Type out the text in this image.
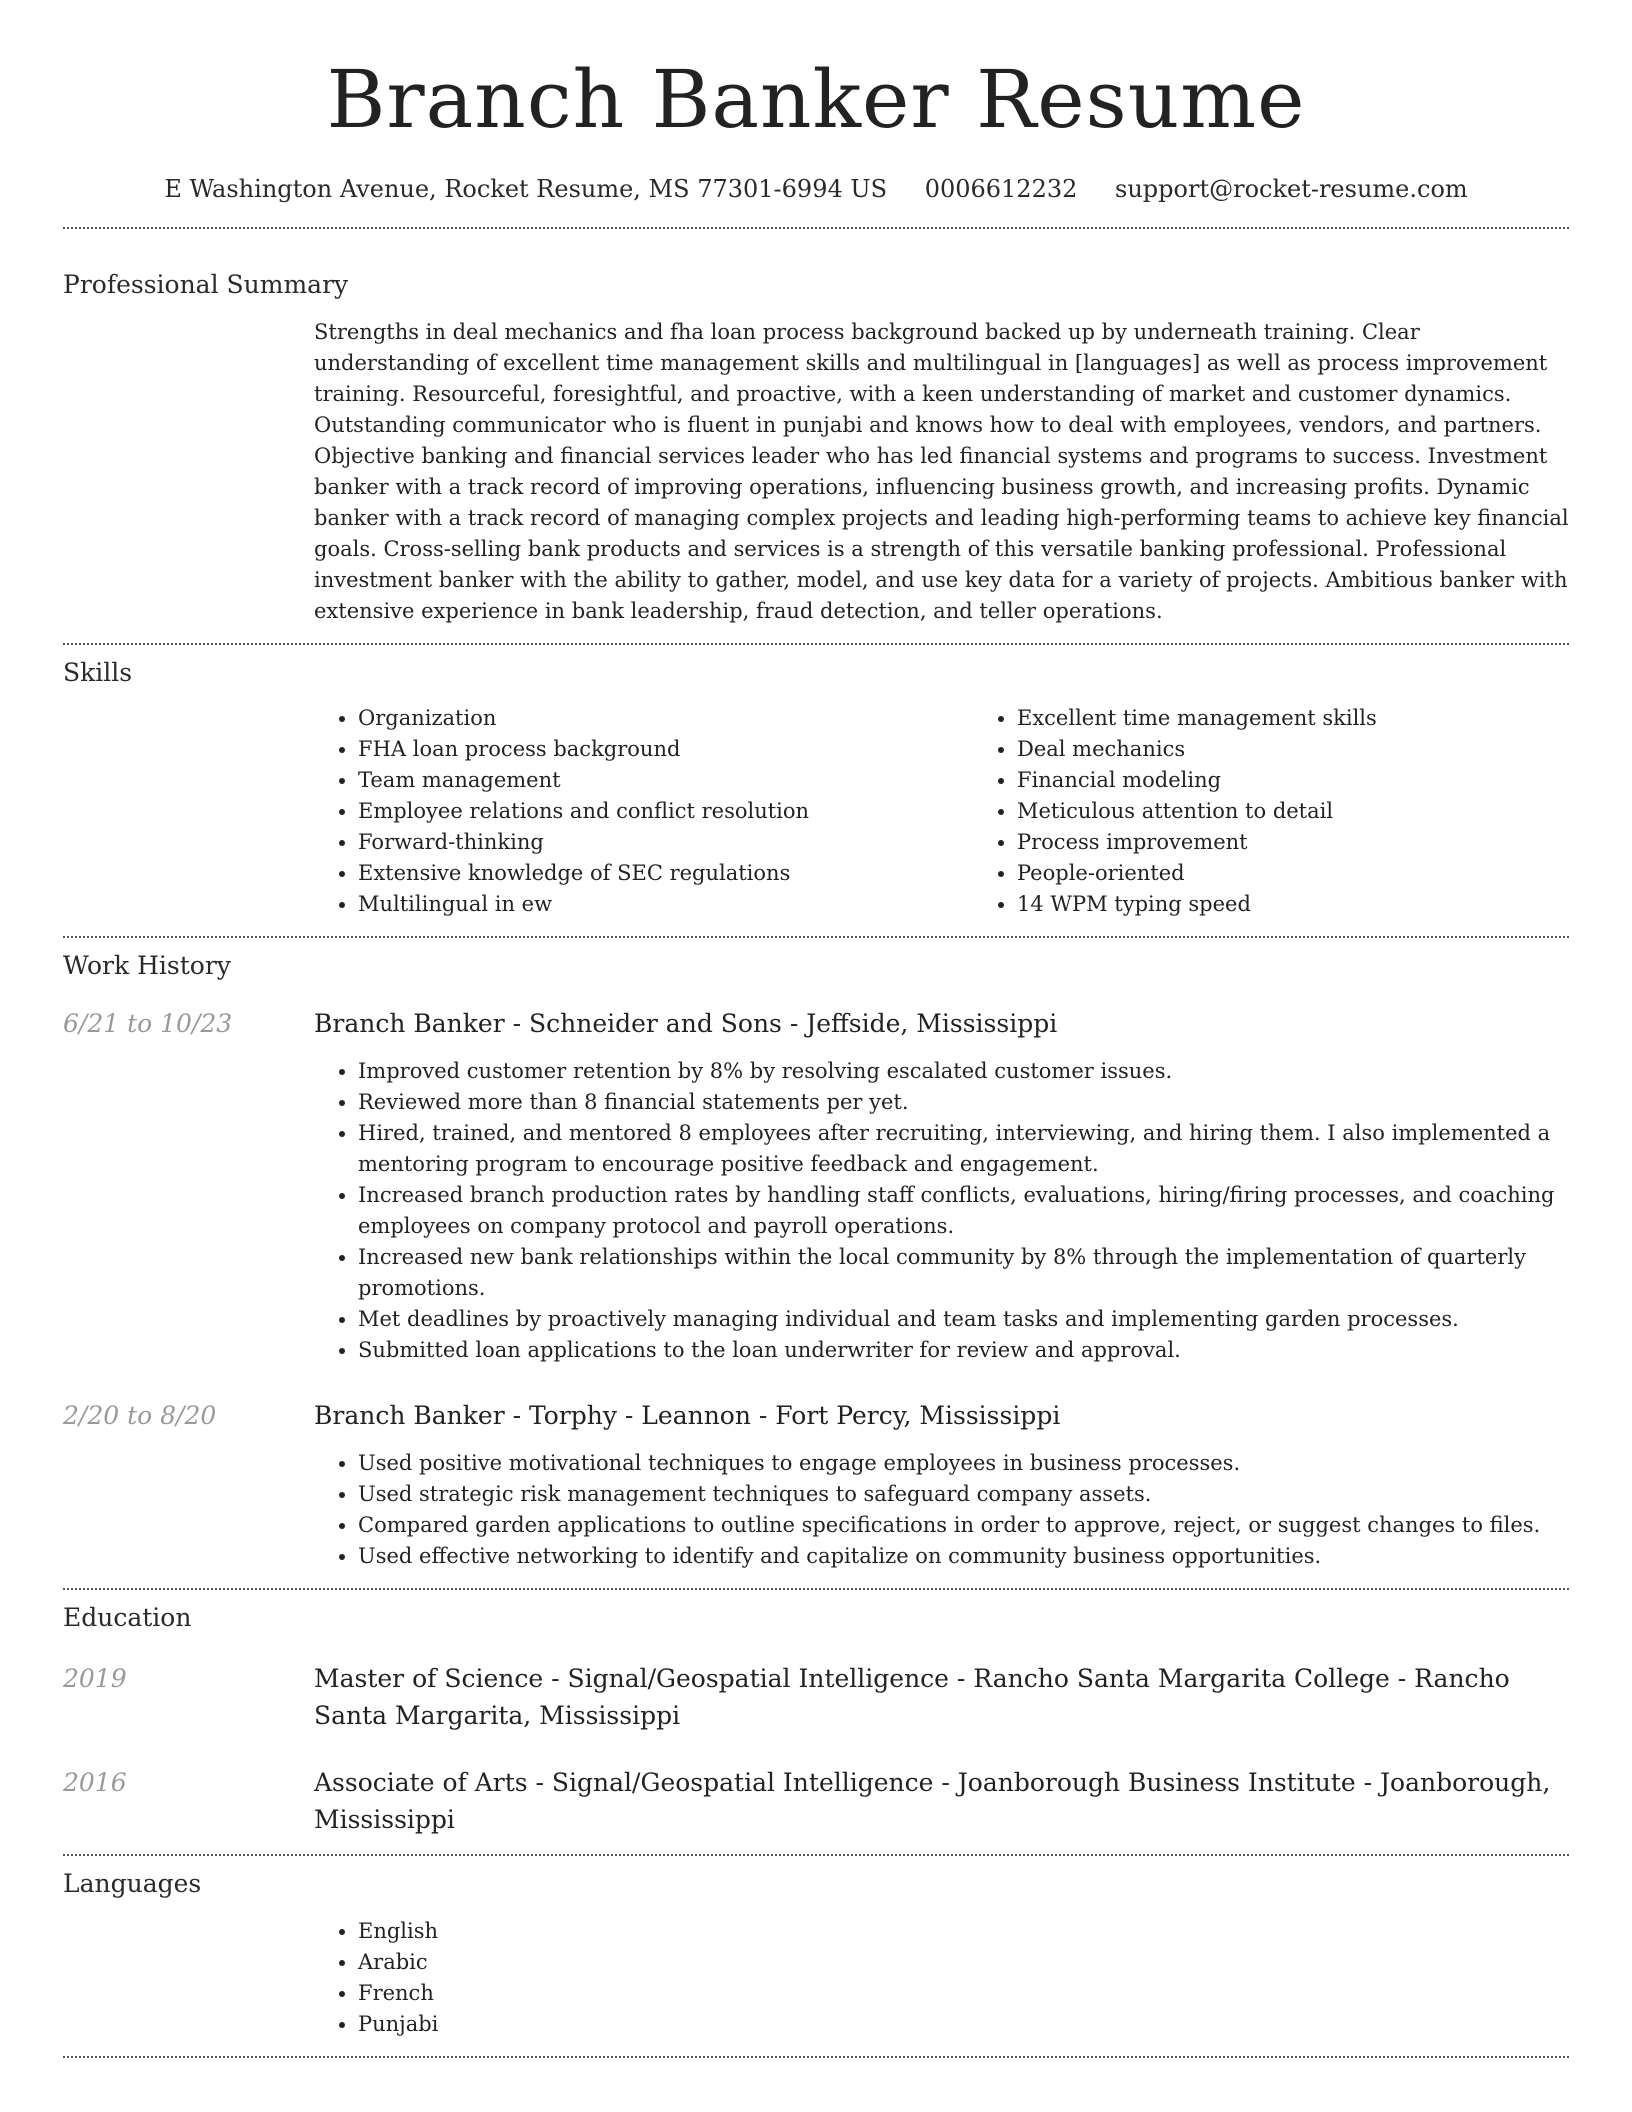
Branch Banker Resume
E Washington Avenue, Rocket Resume, MS 77301-6994 US 0006612232 support@rocket-resume.com
Professional Summary

Strengths in deal mechanics and fha loan process background backed up by underneath training. Clear understanding of excellent time management skills and multilingual in [languages] as well as process improvement training. Resourceful, foresightful, and proactive, with a keen understanding of market and customer dynamics. Outstanding communicator who is fluent in punjabi and knows how to deal with employees, vendors, and partners. Objective banking and financial services leader who has led financial systems and programs to success. Investment banker with a track record of improving operations, influencing business growth, and increasing profits. Dynamic banker with a track record of managing complex projects and leading high-performing teams to achieve key financial goals. Cross-selling bank products and services is a strength of this versatile banking professional. Professional investment banker with the ability to gather, model, and use key data for a variety of projects. Ambitious banker with extensive experience in bank leadership, fraud detection, and teller operations.

Skills
• Organization
• FHA loan process background
• Team management
• Employee relations and conflict resolution
• Forward-thinking
• Extensive knowledge of SEC regulations
• Multilingual in ew
• Excellent time management skills
• Deal mechanics
• Financial modeling
• Meticulous attention to detail
• Process improvement
• People-oriented
• 14 WPM typing speed
Work History
6/21 to 10/23	Branch Banker - Schneider and Sons - Jeffside, Mississippi
• Improved customer retention by 8% by resolving escalated customer issues.
• Reviewed more than 8 financial statements per yet.
• Hired, trained, and mentored 8 employees after recruiting, interviewing, and hiring them. I also implemented a mentoring program to encourage positive feedback and engagement.
• Increased branch production rates by handling staff conflicts, evaluations, hiring/firing processes, and coaching employees on company protocol and payroll operations.
• Increased new bank relationships within the local community by 8% through the implementation of quarterly promotions.
• Met deadlines by proactively managing individual and team tasks and implementing garden processes.
• Submitted loan applications to the loan underwriter for review and approval.
2/20 to 8/20	Branch Banker - Torphy - Leannon - Fort Percy, Mississippi
• Used positive motivational techniques to engage employees in business processes.
• Used strategic risk management techniques to safeguard company assets.
• Compared garden applications to outline specifications in order to approve, reject, or suggest changes to files.
• Used effective networking to identify and capitalize on community business opportunities.
Education
2019	Master of Science - Signal/Geospatial Intelligence - Rancho Santa Margarita College - Rancho Santa Margarita, Mississippi
2016	Associate of Arts - Signal/Geospatial Intelligence - Joanborough Business Institute - Joanborough, Mississippi
Languages
• English
• Arabic
• French
• Punjabi
